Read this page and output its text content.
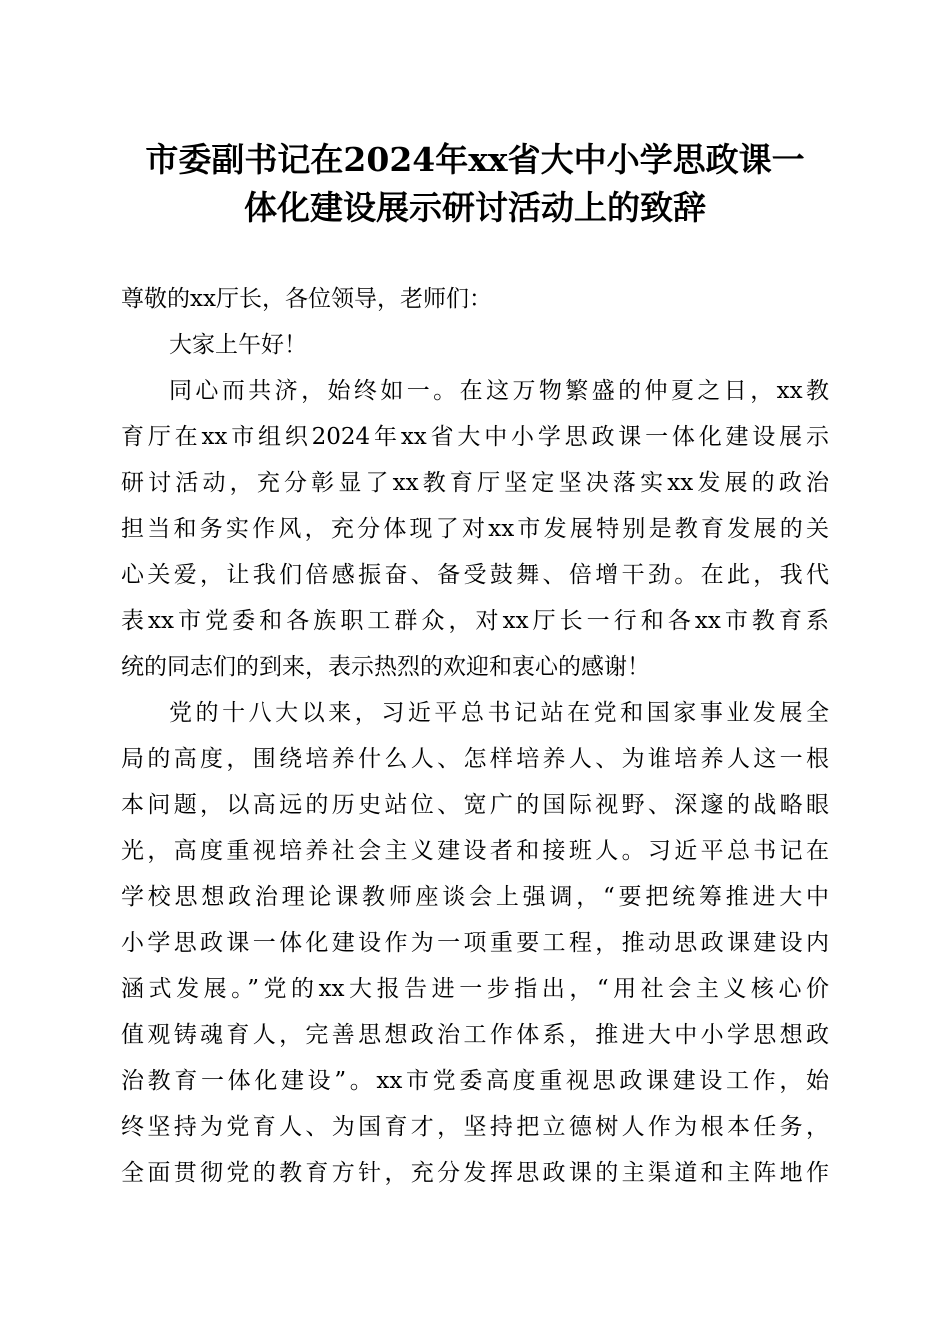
市委副书记在2024年xx省大中小学思政课一
体化建设展示研讨活动上的致辞
尊敬的xx厅长，各位领导，老师们：
大家上午好！
同心而共济，始终如一。在这万物繁盛的仲夏之日，xx教
育厅在xx市组织2024年xx省大中小学思政课一体化建设展示
研讨活动，充分彰显了xx教育厅坚定坚决落实xx发展的政治
担当和务实作风，充分体现了对xx市发展特别是教育发展的关
心关爱，让我们倍感振奋、备受鼓舞、倍增干劲。在此，我代
表xx市党委和各族职工群众，对xx厅长一行和各xx市教育系
统的同志们的到来，表示热烈的欢迎和衷心的感谢！
党的十八大以来，习近平总书记站在党和国家事业发展全
局的高度，围绕培养什么人、怎样培养人、为谁培养人这一根
本问题，以高远的历史站位、宽广的国际视野、深邃的战略眼
光，高度重视培养社会主义建设者和接班人。习近平总书记在
学校思想政治理论课教师座谈会上强调，“要把统筹推进大中
小学思政课一体化建设作为一项重要工程，推动思政课建设内
涵式发展。”党的xx大报告进一步指出，“用社会主义核心价
值观铸魂育人，完善思想政治工作体系，推进大中小学思想政
治教育一体化建设”。xx市党委高度重视思政课建设工作，始
终坚持为党育人、为国育才，坚持把立德树人作为根本任务，
全面贯彻党的教育方针，充分发挥思政课的主渠道和主阵地作
